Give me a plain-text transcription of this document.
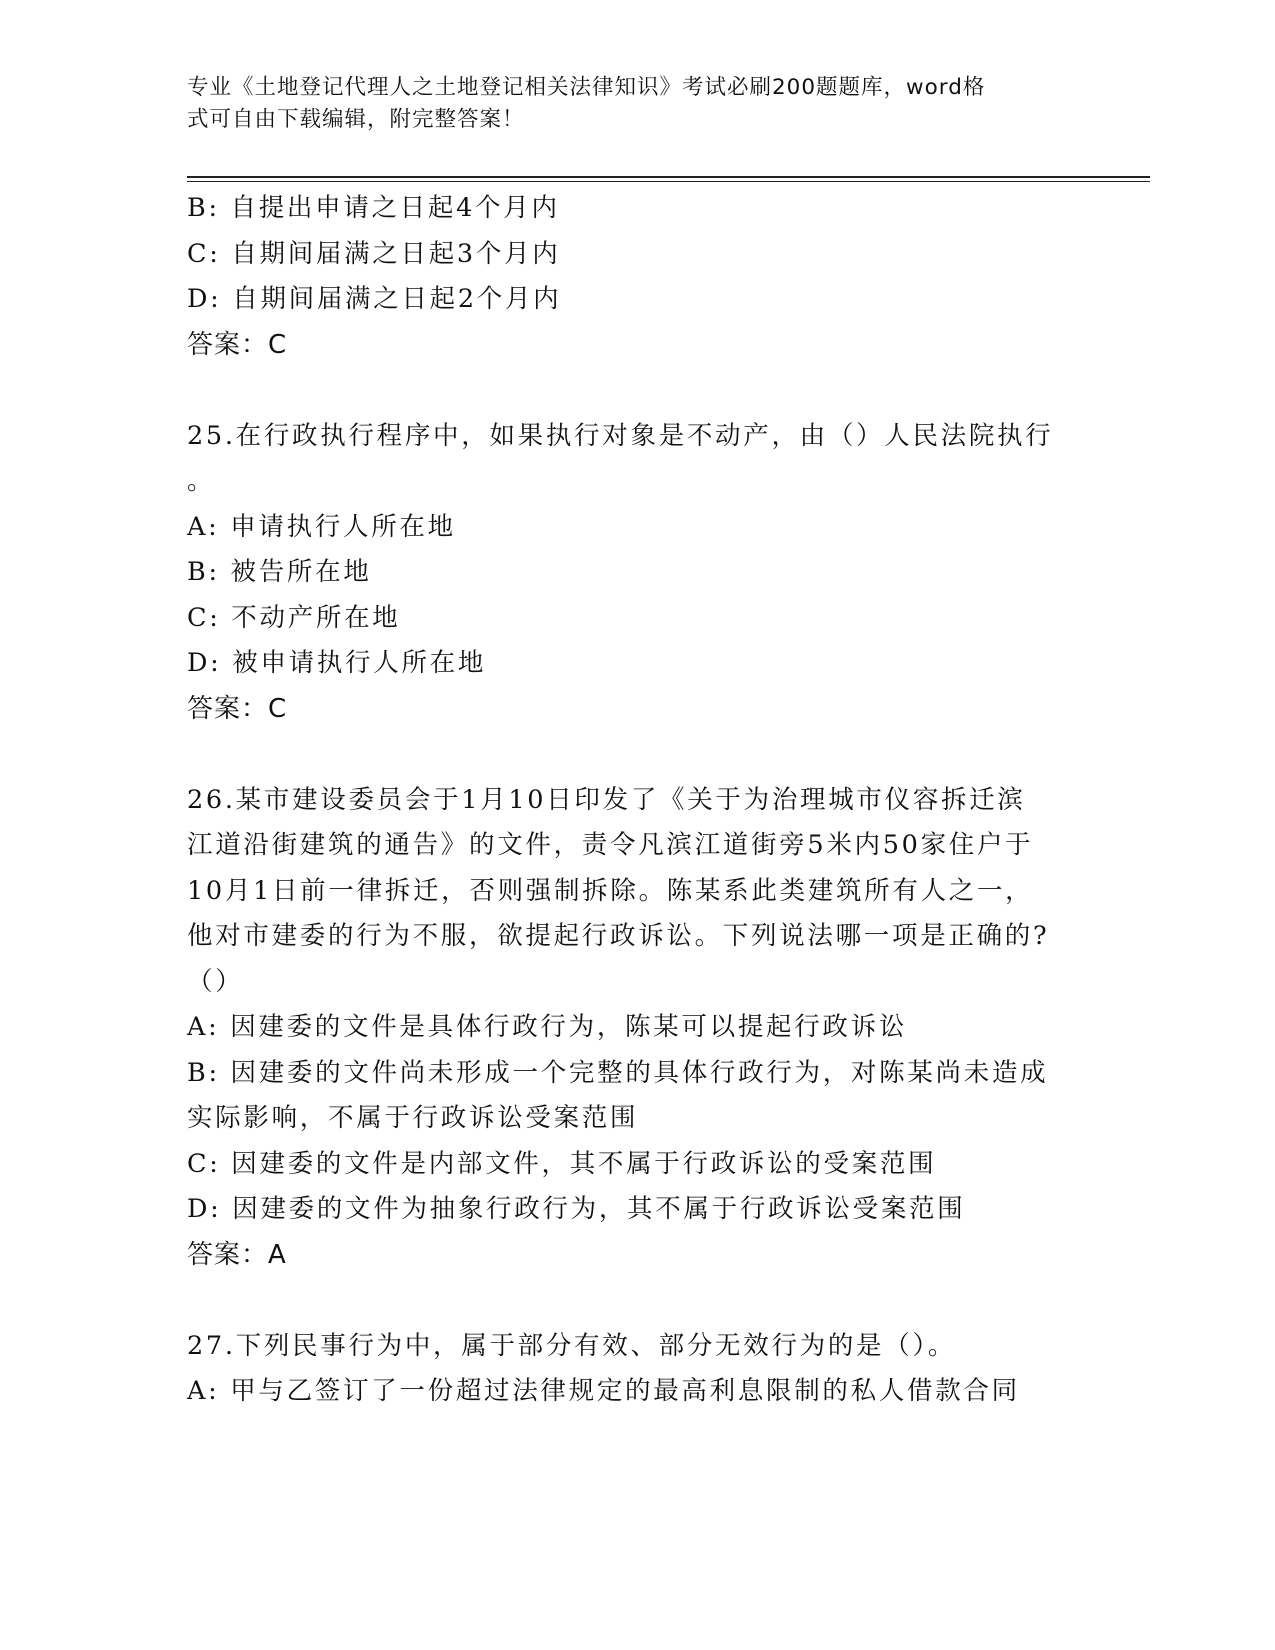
专业《土地登记代理人之土地登记相关法律知识》考试必刷200题题库，word格
式可自由下载编辑，附完整答案！
B: 自提出申请之日起4个月内
C: 自期间届满之日起3个月内
D: 自期间届满之日起2个月内
答案：C
25.在行政执行程序中，如果执行对象是不动产，由（）人民法院执行
。
A: 申请执行人所在地
B: 被告所在地
C: 不动产所在地
D: 被申请执行人所在地
答案：C
26.某市建设委员会于1月10日印发了《关于为治理城市仪容拆迁滨
江道沿街建筑的通告》的文件，责令凡滨江道街旁5米内50家住户于
10月1日前一律拆迁，否则强制拆除。陈某系此类建筑所有人之一，
他对市建委的行为不服，欲提起行政诉讼。下列说法哪一项是正确的?
（）
A: 因建委的文件是具体行政行为，陈某可以提起行政诉讼
B: 因建委的文件尚未形成一个完整的具体行政行为，对陈某尚未造成
实际影响，不属于行政诉讼受案范围
C: 因建委的文件是内部文件，其不属于行政诉讼的受案范围
D: 因建委的文件为抽象行政行为，其不属于行政诉讼受案范围
答案：A
27.下列民事行为中，属于部分有效、部分无效行为的是（）。
A: 甲与乙签订了一份超过法律规定的最高利息限制的私人借款合同
